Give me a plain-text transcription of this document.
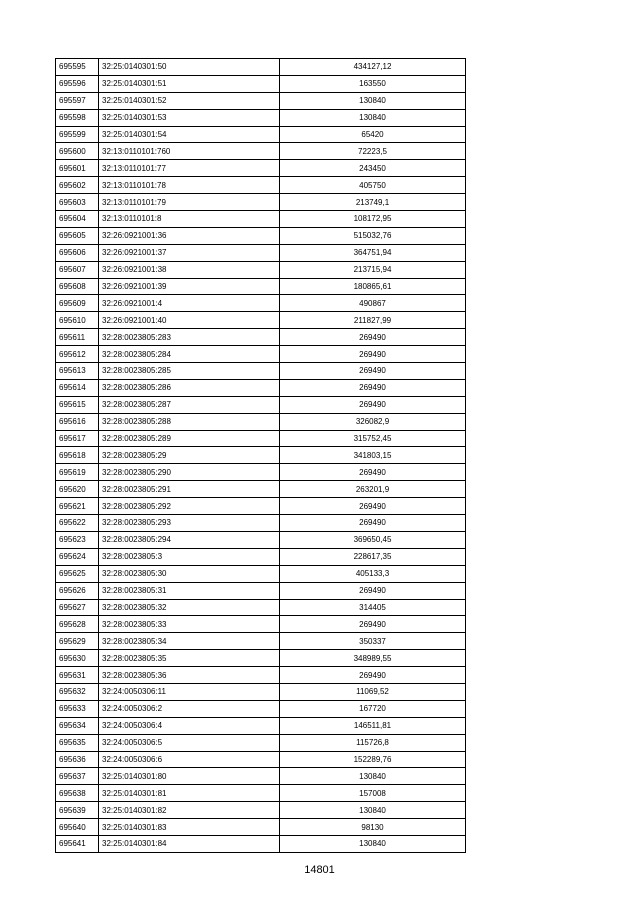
695595	32:25:0140301:50	434127,12
695596	32:25:0140301:51	163550
695597	32:25:0140301:52	130840
695598	32:25:0140301:53	130840
695599	32:25:0140301:54	65420
695600	32:13:0110101:760	72223,5
695601	32:13:0110101:77	243450
695602	32:13:0110101:78	405750
695603	32:13:0110101:79	213749,1
695604	32:13:0110101:8	108172,95
695605	32:26:0921001:36	515032,76
695606	32:26:0921001:37	364751,94
695607	32:26:0921001:38	213715,94
695608	32:26:0921001:39	180865,61
695609	32:26:0921001:4	490867
695610	32:26:0921001:40	211827,99
695611	32:28:0023805:283	269490
695612	32:28:0023805:284	269490
695613	32:28:0023805:285	269490
695614	32:28:0023805:286	269490
695615	32:28:0023805:287	269490
695616	32:28:0023805:288	326082,9
695617	32:28:0023805:289	315752,45
695618	32:28:0023805:29	341803,15
695619	32:28:0023805:290	269490
695620	32:28:0023805:291	263201,9
695621	32:28:0023805:292	269490
695622	32:28:0023805:293	269490
695623	32:28:0023805:294	369650,45
695624	32:28:0023805:3	228617,35
695625	32:28:0023805:30	405133,3
695626	32:28:0023805:31	269490
695627	32:28:0023805:32	314405
695628	32:28:0023805:33	269490
695629	32:28:0023805:34	350337
695630	32:28:0023805:35	348989,55
695631	32:28:0023805:36	269490
695632	32:24:0050306:11	11069,52
695633	32:24:0050306:2	167720
695634	32:24:0050306:4	146511,81
695635	32:24:0050306:5	115726,8
695636	32:24:0050306:6	152289,76
695637	32:25:0140301:80	130840
695638	32:25:0140301:81	157008
695639	32:25:0140301:82	130840
695640	32:25:0140301:83	98130
695641	32:25:0140301:84	130840
14801
